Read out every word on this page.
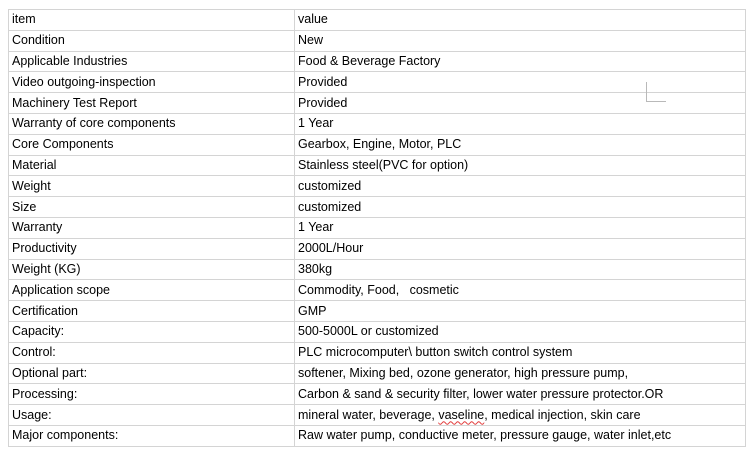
item	value
Condition	New
Applicable Industries	Food & Beverage Factory
Video outgoing-inspection	Provided
Machinery Test Report	Provided
Warranty of core components	1 Year
Core Components	Gearbox, Engine, Motor, PLC
Material	Stainless steel(PVC for option)
Weight	customized
Size	customized
Warranty	1 Year
Productivity	2000L/Hour
Weight (KG)	380kg
Application scope	Commodity, Food,   cosmetic
Certification	GMP
Capacity:	500-5000L or customized
Control:	PLC microcomputer\ button switch control system
Optional part:	softener, Mixing bed, ozone generator, high pressure pump,
Processing:	Carbon & sand & security filter, lower water pressure protector.OR
Usage:	mineral water, beverage, vaseline, medical injection, skin care
Major components:	Raw water pump, conductive meter, pressure gauge, water inlet,etc
